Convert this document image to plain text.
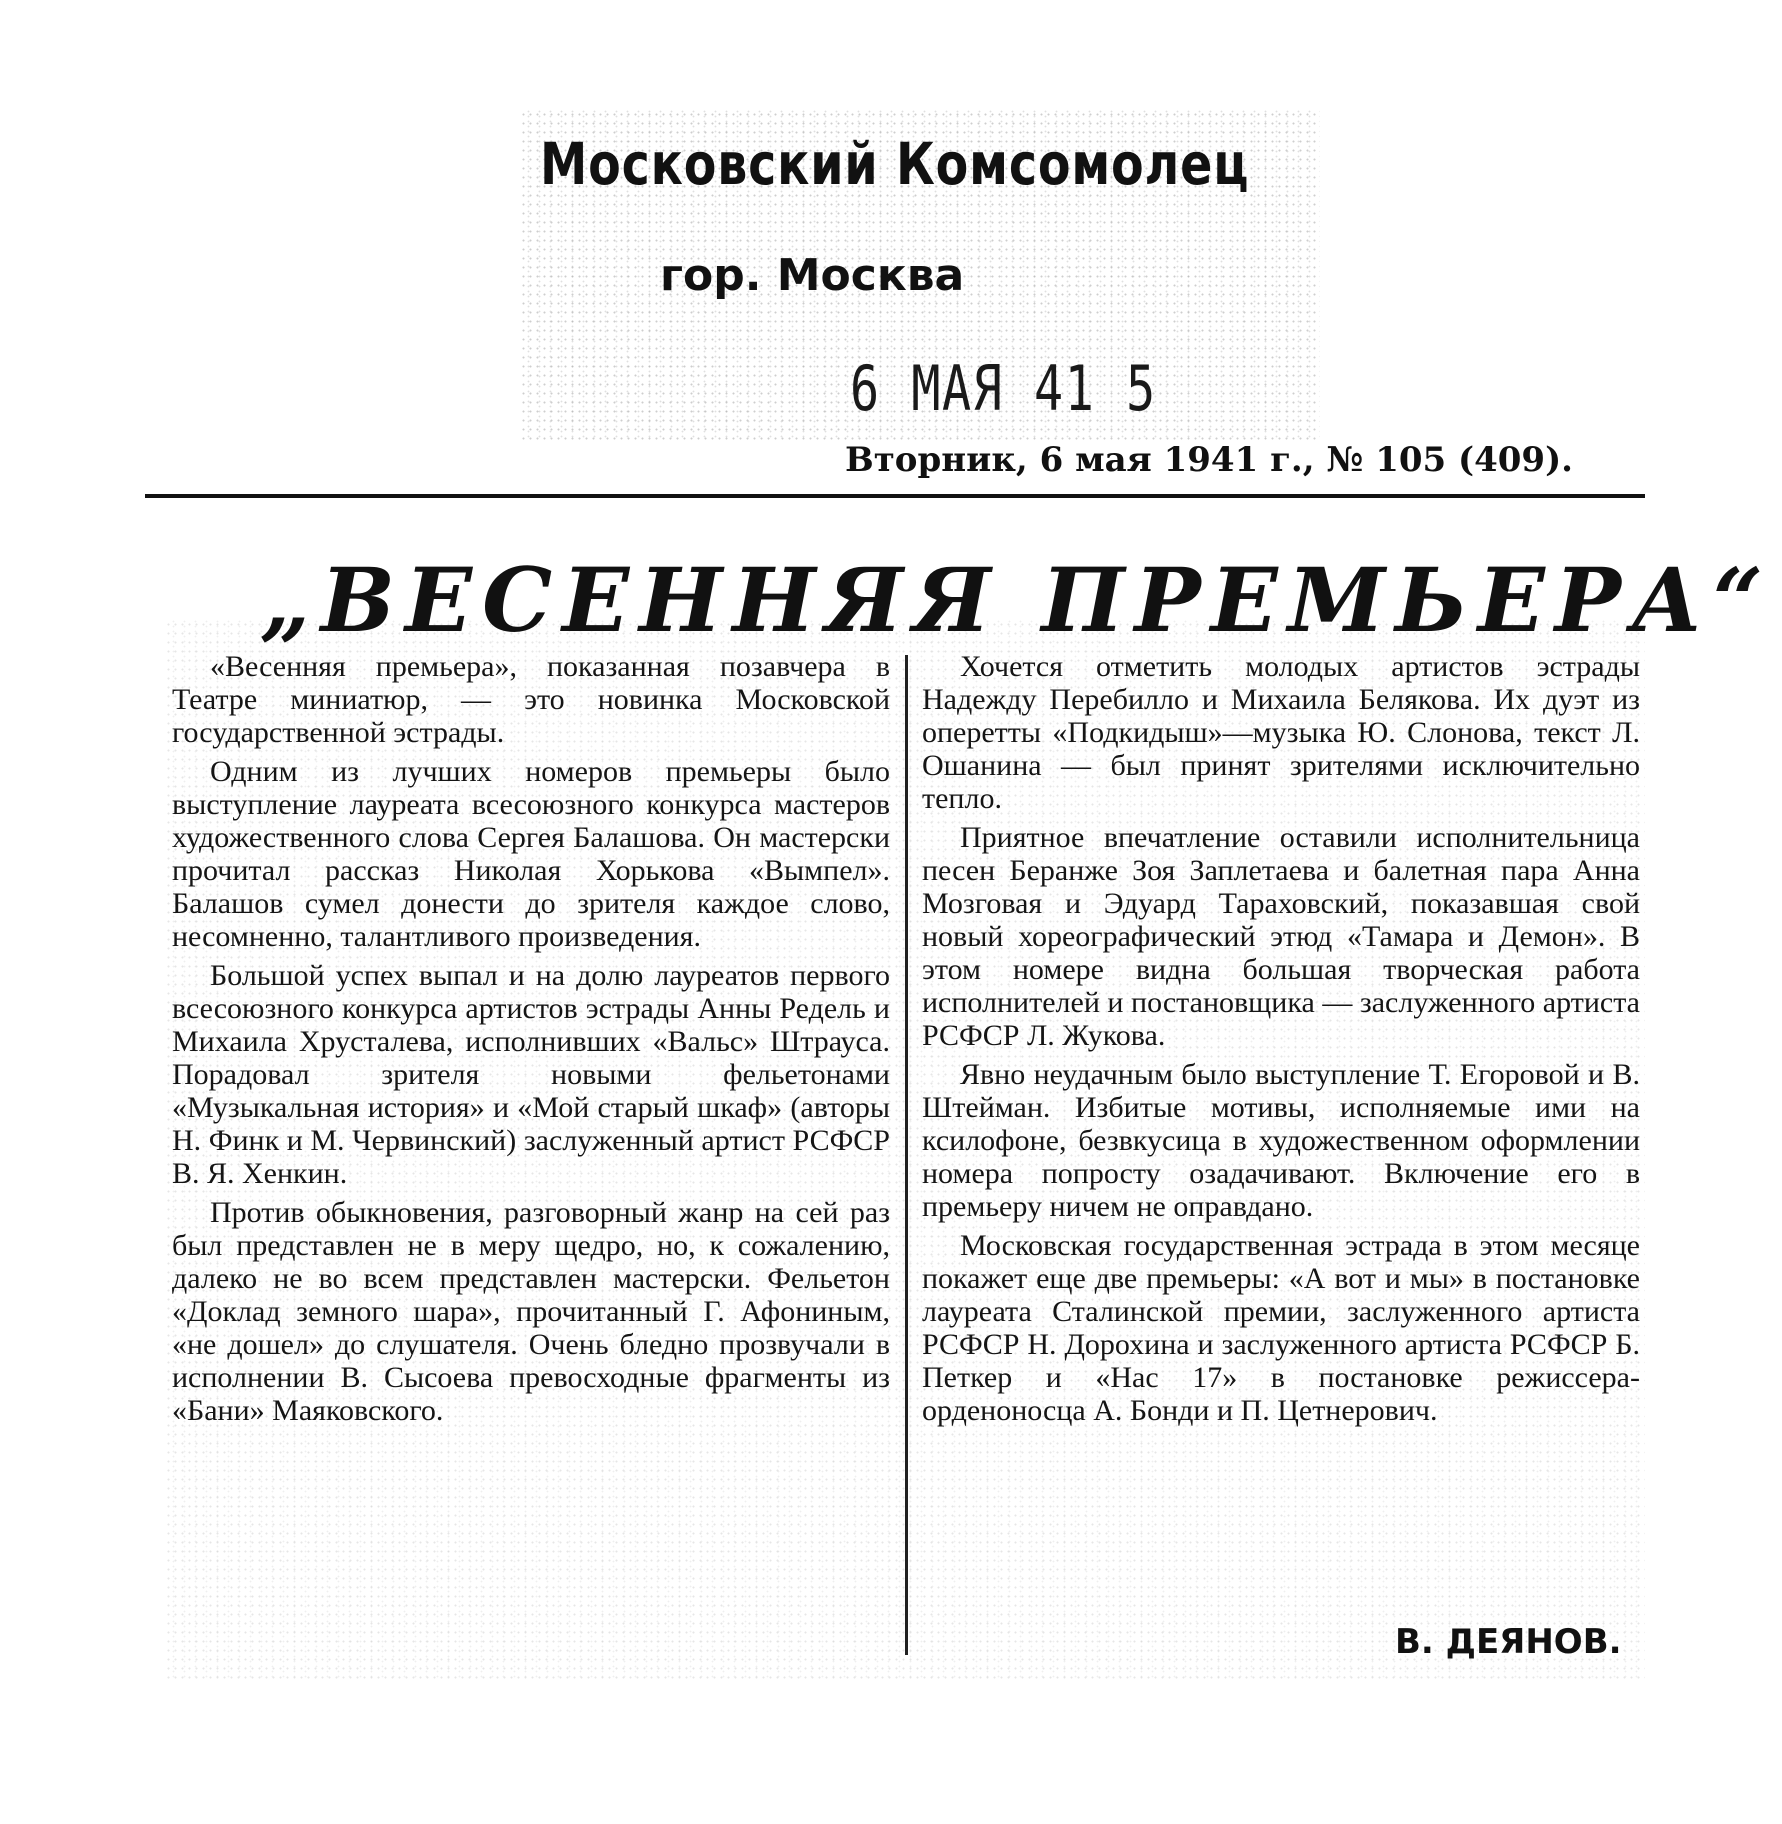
Московский Комсомолец
гор. Москва
6 МАЯ 41 5
Вторник, 6 мая 1941 г., № 105 (409).
„ВЕСЕННЯЯ ПРЕМЬЕРА“

«Весенняя премьера», показанная позавчера в Театре миниатюр, — это новинка Московской государственной эстрады.

Одним из лучших номеров премьеры было выступление лауреата всесоюзного конкурса мастеров художественного слова Сергея Балашова. Он мастерски прочитал рассказ Николая Хорькова «Вымпел». Балашов сумел донести до зрителя каждое слово, несомненно, талантливого произведения.

Большой успех выпал и на долю лауреатов первого всесоюзного конкурса артистов эстрады Анны Редель и Михаила Хрусталева, исполнивших «Вальс» Штрауса. Порадовал зрителя новыми фельетонами «Музыкальная история» и «Мой старый шкаф» (авторы Н. Финк и М. Червинский) заслуженный артист РСФСР В. Я. Хенкин.

Против обыкновения, разговорный жанр на сей раз был представлен не в меру щедро, но, к сожалению, далеко не во всем представлен мастерски. Фельетон «Доклад земного шара», прочитанный Г. Афониным, «не дошел» до слушателя. Очень бледно прозвучали в исполнении В. Сысоева превосходные фрагменты из «Бани» Маяковского.

Хочется отметить молодых артистов эстрады Надежду Перебилло и Михаила Белякова. Их дуэт из оперетты «Подкидыш»—музыка Ю. Слонова, текст Л. Ошанина — был принят зрителями исключительно тепло.

Приятное впечатление оставили исполнительница песен Беранже Зоя Заплетаева и балетная пара Анна Мозговая и Эдуард Тараховский, показавшая свой новый хореографический этюд «Тамара и Демон». В этом номере видна большая творческая работа исполнителей и постановщика — заслуженного артиста РСФСР Л. Жукова.

Явно неудачным было выступление Т. Егоровой и В. Штейман. Избитые мотивы, исполняемые ими на ксилофоне, безвкусица в художественном оформлении номера попросту озадачивают. Включение его в премьеру ничем не оправдано.

Московская государственная эстрада в этом месяце покажет еще две премьеры: «А вот и мы» в постановке лауреата Сталинской премии, заслуженного артиста РСФСР Н. Дорохина и заслуженного артиста РСФСР Б. Петкер и «Нас 17» в постановке режиссера-орденоносца А. Бонди и П. Цетнерович.

В. ДЕЯНОВ.
